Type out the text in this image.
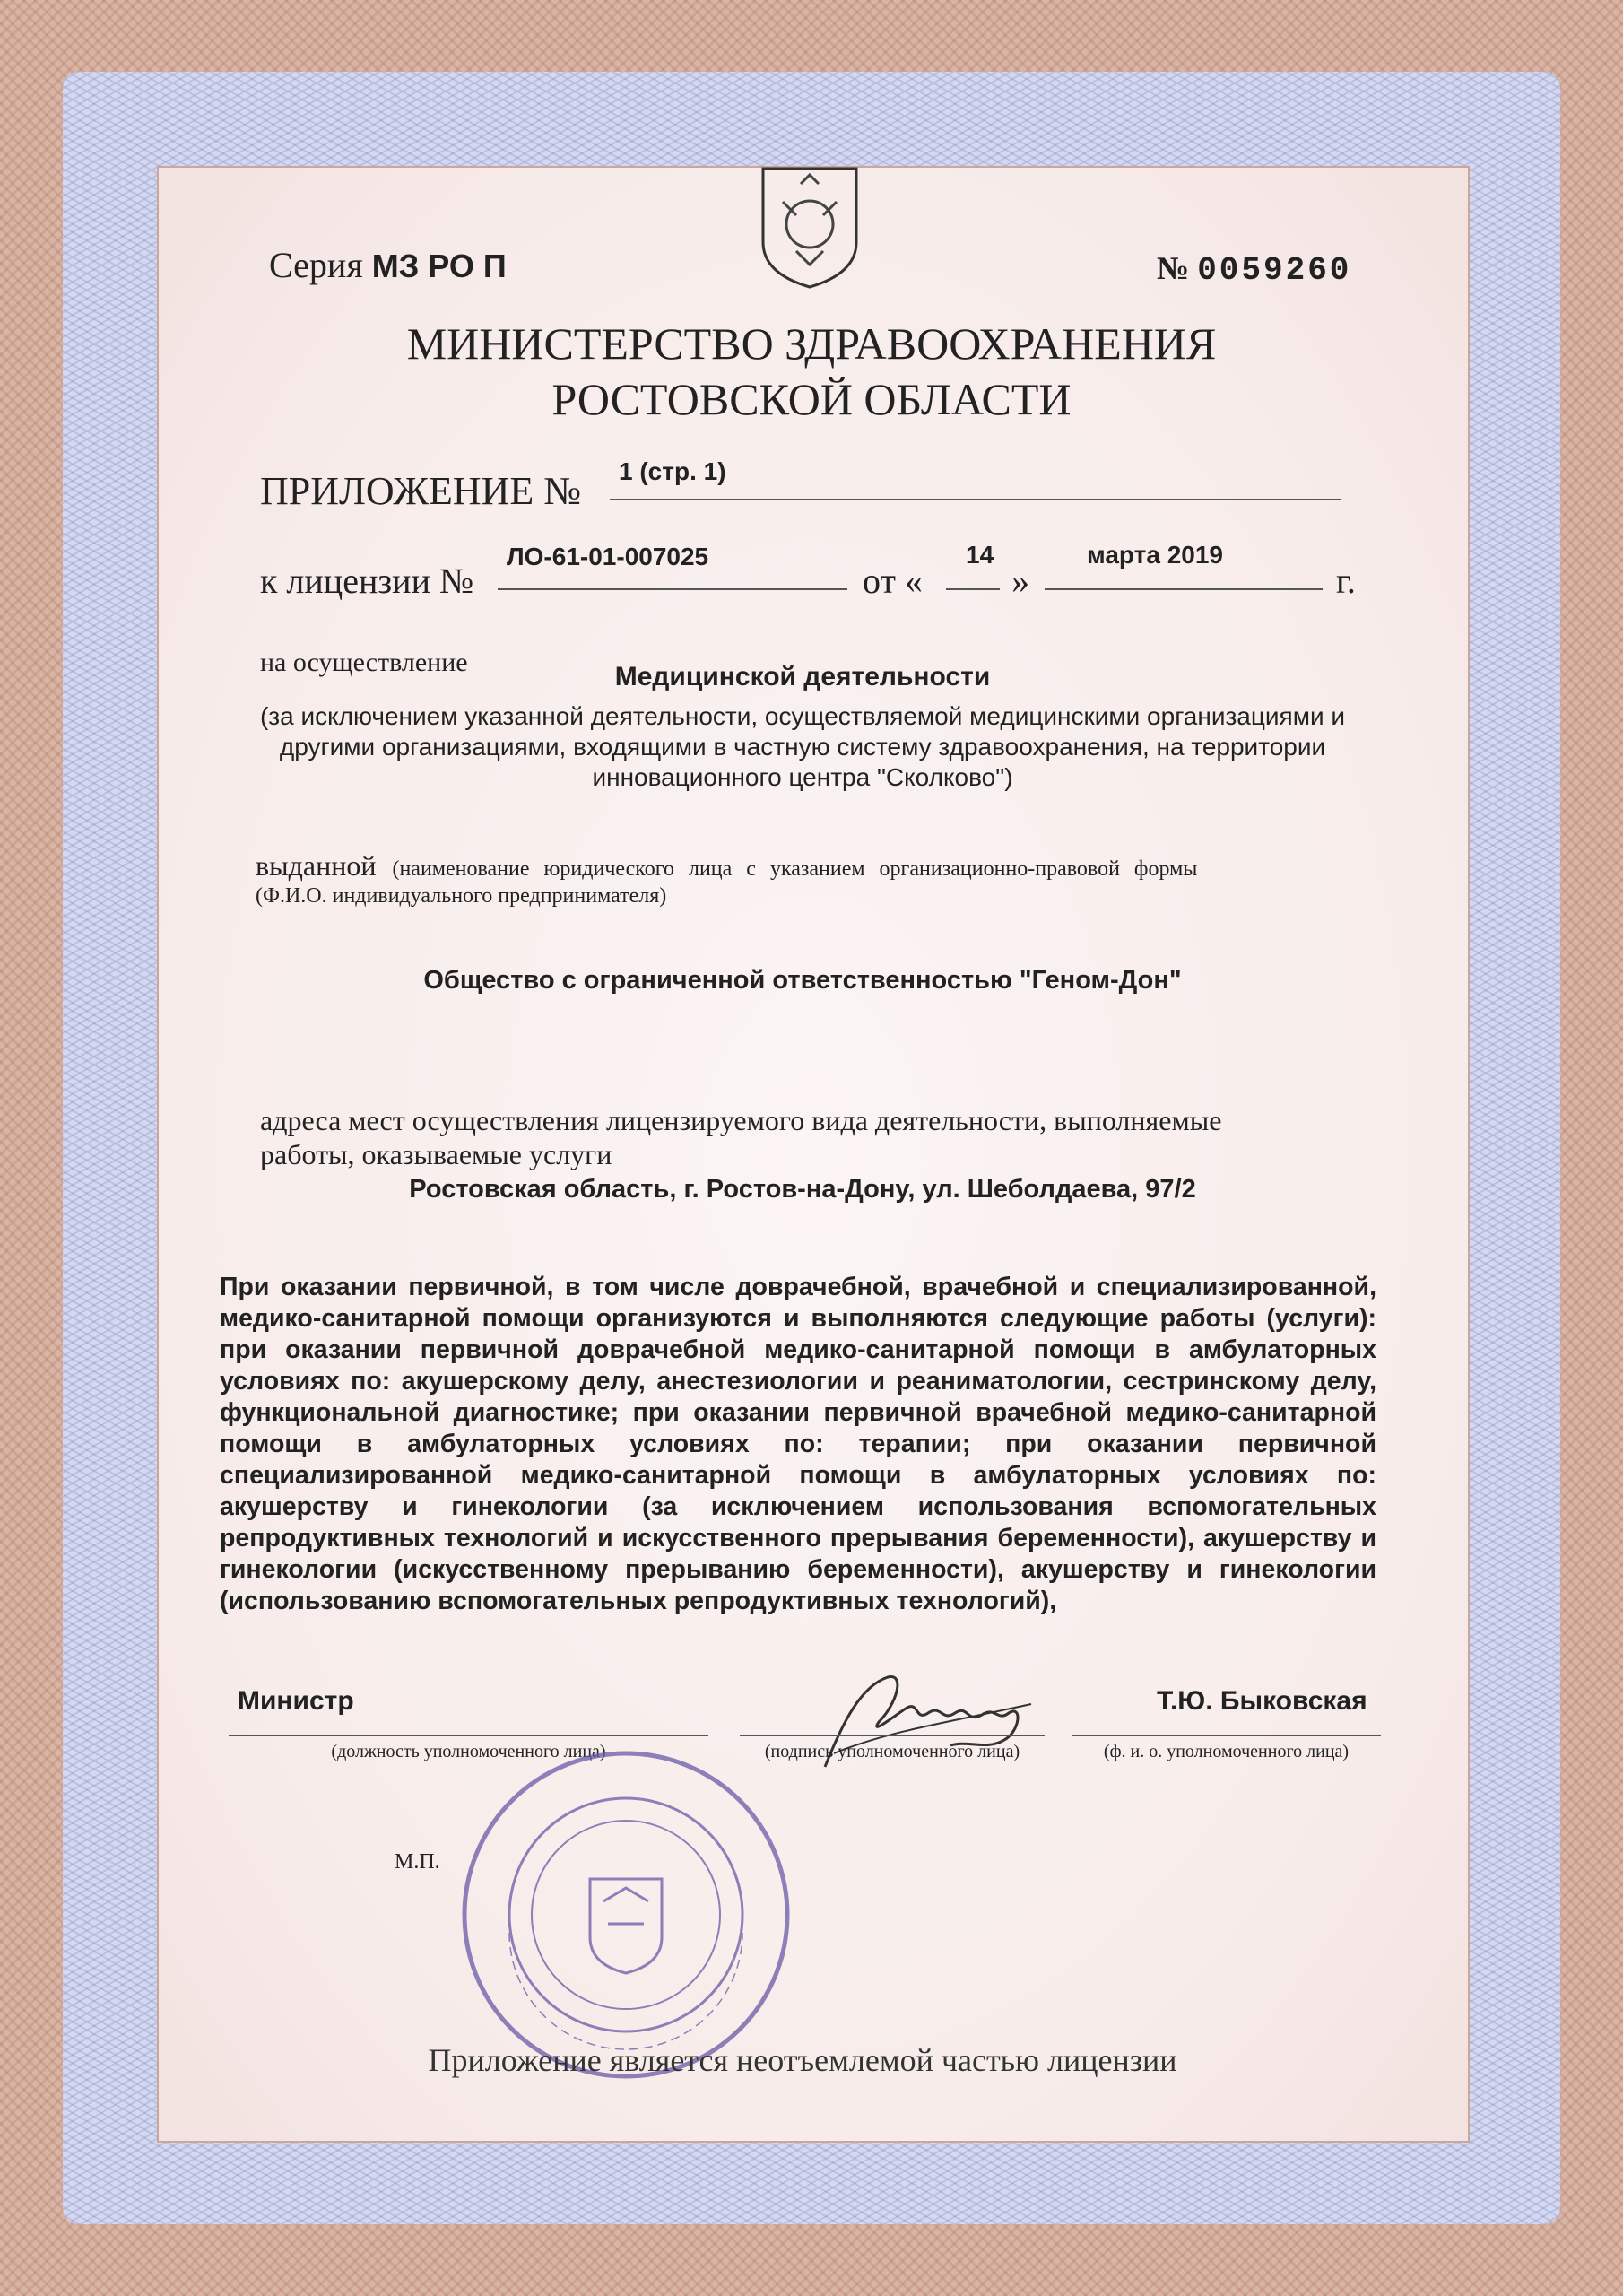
Серия МЗ РО П	№ 0059260
МИНИСТЕРСТВО ЗДРАВООХРАНЕНИЯ
РОСТОВСКОЙ ОБЛАСТИ
ПРИЛОЖЕНИЕ № 1 (стр. 1)
к лицензии №
ЛО-61-01-007025
от «
14
»
марта 2019
г.
на осуществление	Медицинской деятельности
(за исключением указанной деятельности, осуществляемой медицинскими организациями и другими организациями, входящими в частную систему здравоохранения, на территории инновационного центра "Сколково")
выданной (наименование юридического лица с указанием организационно-правовой формы
(Ф.И.О. индивидуального предпринимателя)
Общество с ограниченной ответственностью "Геном-Дон"
адреса мест осуществления лицензируемого вида деятельности, выполняемые
работы, оказываемые услуги
Ростовская область, г. Ростов-на-Дону, ул. Шеболдаева, 97/2
При оказании первичной, в том числе доврачебной, врачебной и специализированной, медико-санитарной помощи организуются и выполняются следующие работы (услуги): при оказании первичной доврачебной медико-санитарной помощи в амбулаторных условиях по: акушерскому делу, анестезиологии и реаниматологии, сестринскому делу, функциональной диагностике; при оказании первичной врачебной медико-санитарной помощи в амбулаторных условиях по: терапии; при оказании первичной специализированной медико-санитарной помощи в амбулаторных условиях по: акушерству и гинекологии (за исключением использования вспомогательных репродуктивных технологий и искусственного прерывания беременности), акушерству и гинекологии (искусственному прерыванию беременности), акушерству и гинекологии (использованию вспомогательных репродуктивных технологий),
Министр
(должность уполномоченного лица)	(подпись уполномоченного лица)
Т.Ю. Быковская
(ф. и. о. уполномоченного лица)
М.П.
Приложение является неотъемлемой частью лицензии
